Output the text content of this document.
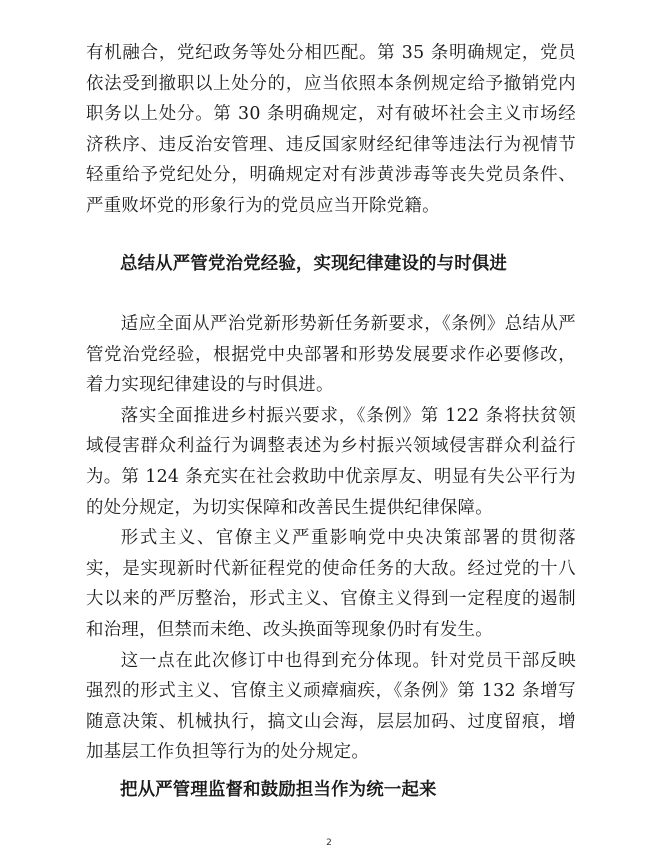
有机融合，党纪政务等处分相匹配。第 35 条明确规定，党员依法受到撤职以上处分的，应当依照本条例规定给予撤销党内职务以上处分。第 30 条明确规定，对有破坏社会主义市场经济秩序、违反治安管理、违反国家财经纪律等违法行为视情节轻重给予党纪处分，明确规定对有涉黄涉毒等丧失党员条件、严重败坏党的形象行为的党员应当开除党籍。

总结从严管党治党经验，实现纪律建设的与时俱进

适应全面从严治党新形势新任务新要求，《条例》总结从严管党治党经验，根据党中央部署和形势发展要求作必要修改，着力实现纪律建设的与时俱进。

落实全面推进乡村振兴要求，《条例》第 122 条将扶贫领域侵害群众利益行为调整表述为乡村振兴领域侵害群众利益行为。第 124 条充实在社会救助中优亲厚友、明显有失公平行为的处分规定，为切实保障和改善民生提供纪律保障。

形式主义、官僚主义严重影响党中央决策部署的贯彻落实，是实现新时代新征程党的使命任务的大敌。经过党的十八大以来的严厉整治，形式主义、官僚主义得到一定程度的遏制和治理，但禁而未绝、改头换面等现象仍时有发生。

这一点在此次修订中也得到充分体现。针对党员干部反映强烈的形式主义、官僚主义顽瘴痼疾，《条例》第 132 条增写随意决策、机械执行，搞文山会海，层层加码、过度留痕，增加基层工作负担等行为的处分规定。

把从严管理监督和鼓励担当作为统一起来
2
